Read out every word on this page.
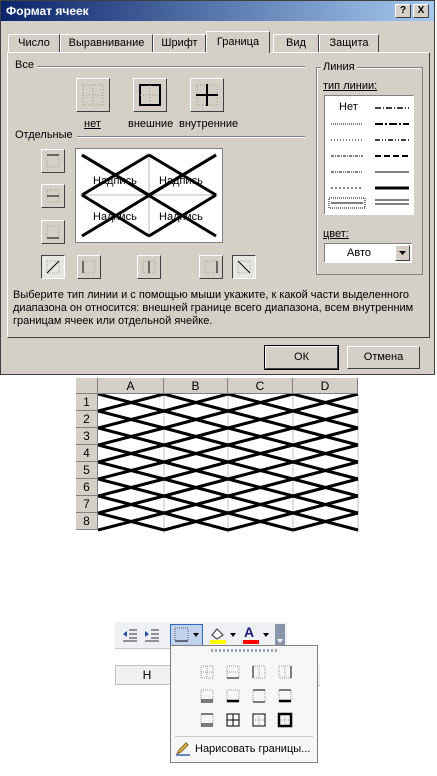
Формат ячеек	?	X
Число	Выравнивание	Шрифт	Граница	Вид	Защита
Все
нет внешние внутренние
Отдельные
Надпись Надпись
Надпись Надпись
Линия
тип линии:
Нет
цвет:
Авто
Выберите тип линии и с помощью мыши укажите, к какой части выделенного диапазона он относится: внешней границе всего диапазона, всем внутренним границам ячеек или отдельной ячейке.
ОК	Отмена
A	B	C	D
1
2
3
4
5
6
7
8
A
H
Нарисовать границы...
